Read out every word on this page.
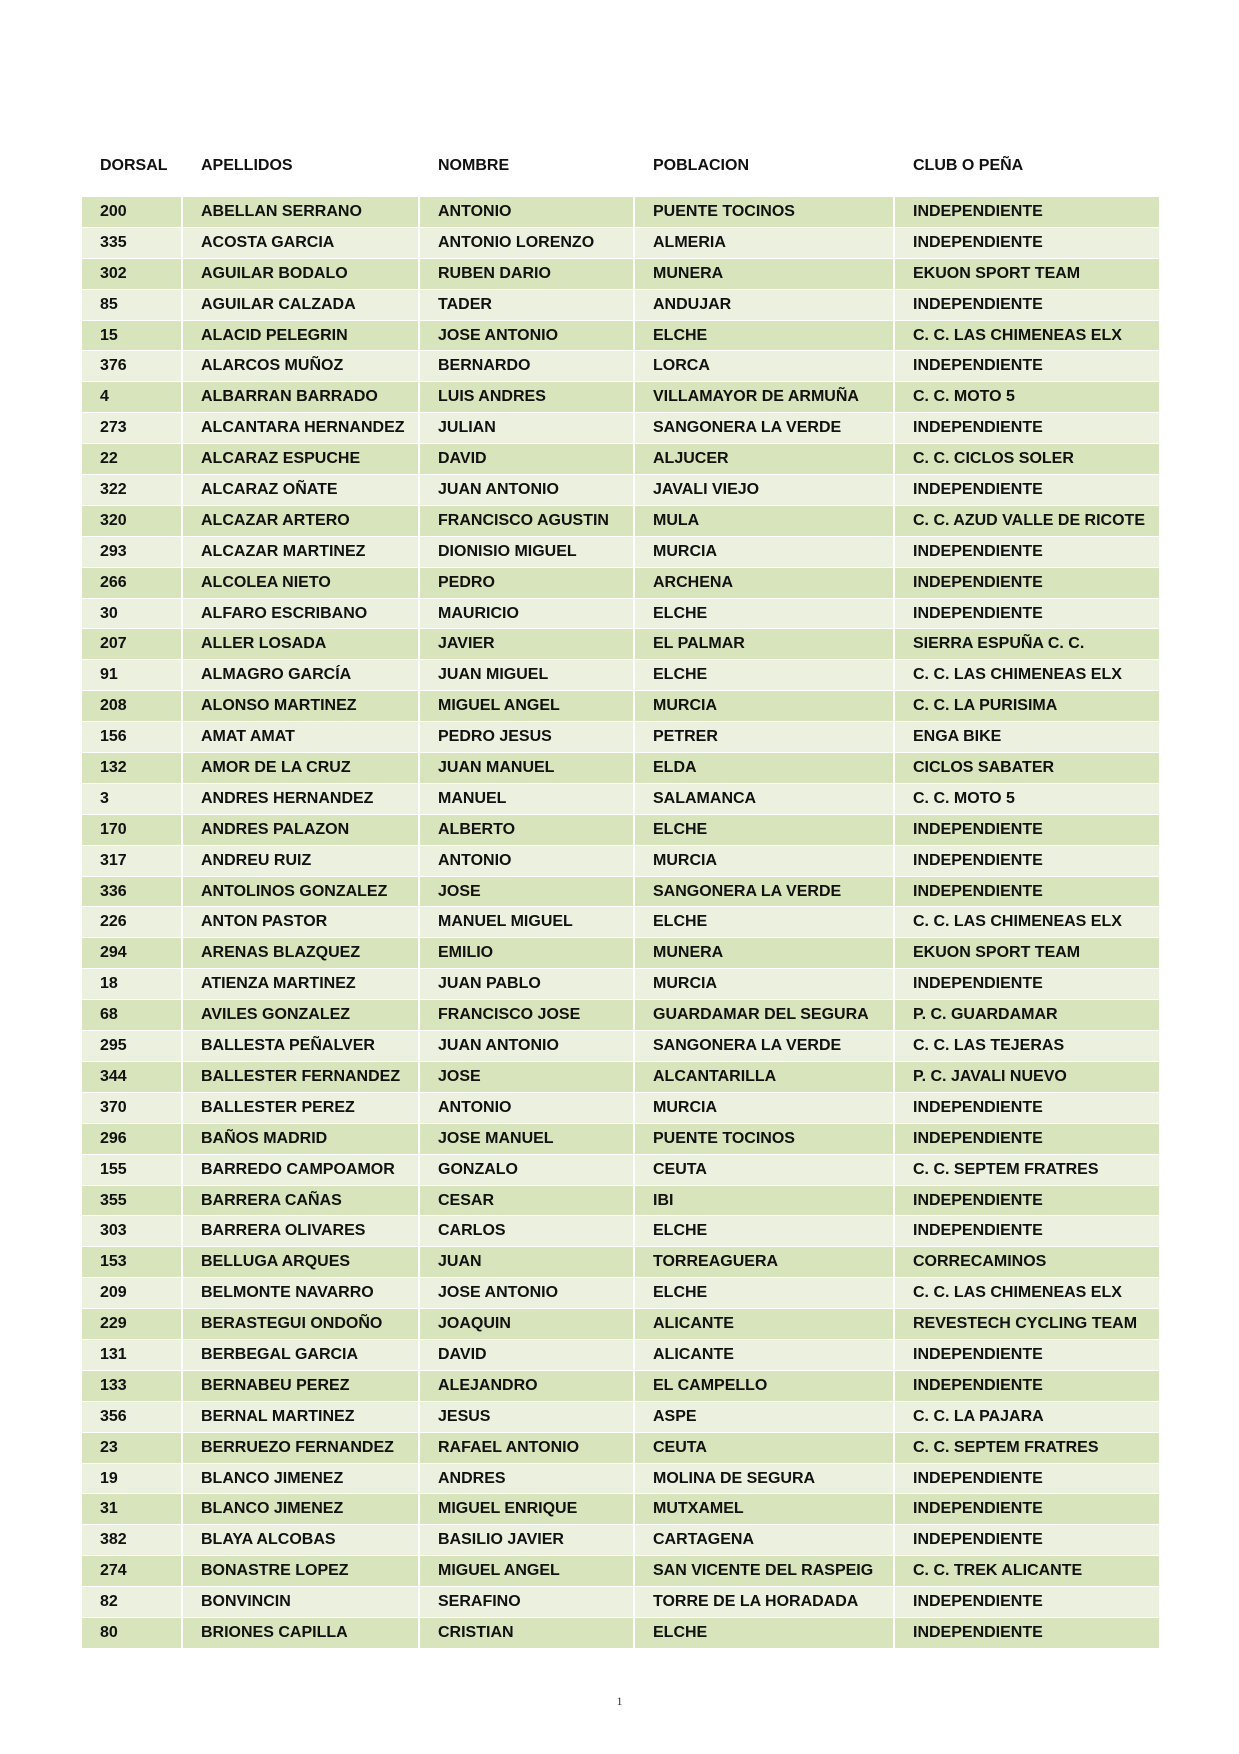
DORSAL	APELLIDOS	NOMBRE	POBLACION	CLUB O PEÑA
200	ABELLAN SERRANO	ANTONIO	PUENTE TOCINOS	INDEPENDIENTE
335	ACOSTA GARCIA	ANTONIO LORENZO	ALMERIA	INDEPENDIENTE
302	AGUILAR BODALO	RUBEN DARIO	MUNERA	EKUON SPORT TEAM
85	AGUILAR CALZADA	TADER	ANDUJAR	INDEPENDIENTE
15	ALACID PELEGRIN	JOSE ANTONIO	ELCHE	C. C. LAS CHIMENEAS ELX
376	ALARCOS MUÑOZ	BERNARDO	LORCA	INDEPENDIENTE
4	ALBARRAN BARRADO	LUIS ANDRES	VILLAMAYOR DE ARMUÑA	C. C. MOTO 5
273	ALCANTARA HERNANDEZ	JULIAN	SANGONERA LA VERDE	INDEPENDIENTE
22	ALCARAZ ESPUCHE	DAVID	ALJUCER	C. C. CICLOS SOLER
322	ALCARAZ OÑATE	JUAN ANTONIO	JAVALI VIEJO	INDEPENDIENTE
320	ALCAZAR ARTERO	FRANCISCO AGUSTIN	MULA	C. C. AZUD VALLE DE RICOTE
293	ALCAZAR MARTINEZ	DIONISIO MIGUEL	MURCIA	INDEPENDIENTE
266	ALCOLEA NIETO	PEDRO	ARCHENA	INDEPENDIENTE
30	ALFARO ESCRIBANO	MAURICIO	ELCHE	INDEPENDIENTE
207	ALLER LOSADA	JAVIER	EL PALMAR	SIERRA ESPUÑA C. C.
91	ALMAGRO GARCÍA	JUAN MIGUEL	ELCHE	C. C. LAS CHIMENEAS ELX
208	ALONSO MARTINEZ	MIGUEL ANGEL	MURCIA	C. C. LA PURISIMA
156	AMAT AMAT	PEDRO JESUS	PETRER	ENGA BIKE
132	AMOR DE LA CRUZ	JUAN MANUEL	ELDA	CICLOS SABATER
3	ANDRES HERNANDEZ	MANUEL	SALAMANCA	C. C. MOTO 5
170	ANDRES PALAZON	ALBERTO	ELCHE	INDEPENDIENTE
317	ANDREU RUIZ	ANTONIO	MURCIA	INDEPENDIENTE
336	ANTOLINOS GONZALEZ	JOSE	SANGONERA LA VERDE	INDEPENDIENTE
226	ANTON PASTOR	MANUEL MIGUEL	ELCHE	C. C. LAS CHIMENEAS ELX
294	ARENAS BLAZQUEZ	EMILIO	MUNERA	EKUON SPORT TEAM
18	ATIENZA MARTINEZ	JUAN PABLO	MURCIA	INDEPENDIENTE
68	AVILES GONZALEZ	FRANCISCO JOSE	GUARDAMAR DEL SEGURA	P. C. GUARDAMAR
295	BALLESTA PEÑALVER	JUAN ANTONIO	SANGONERA LA VERDE	C. C. LAS TEJERAS
344	BALLESTER FERNANDEZ	JOSE	ALCANTARILLA	P. C. JAVALI NUEVO
370	BALLESTER PEREZ	ANTONIO	MURCIA	INDEPENDIENTE
296	BAÑOS MADRID	JOSE MANUEL	PUENTE TOCINOS	INDEPENDIENTE
155	BARREDO CAMPOAMOR	GONZALO	CEUTA	C. C. SEPTEM FRATRES
355	BARRERA CAÑAS	CESAR	IBI	INDEPENDIENTE
303	BARRERA OLIVARES	CARLOS	ELCHE	INDEPENDIENTE
153	BELLUGA ARQUES	JUAN	TORREAGUERA	CORRECAMINOS
209	BELMONTE NAVARRO	JOSE ANTONIO	ELCHE	C. C. LAS CHIMENEAS ELX
229	BERASTEGUI ONDOÑO	JOAQUIN	ALICANTE	REVESTECH CYCLING TEAM
131	BERBEGAL GARCIA	DAVID	ALICANTE	INDEPENDIENTE
133	BERNABEU PEREZ	ALEJANDRO	EL CAMPELLO	INDEPENDIENTE
356	BERNAL MARTINEZ	JESUS	ASPE	C. C. LA PAJARA
23	BERRUEZO FERNANDEZ	RAFAEL ANTONIO	CEUTA	C. C. SEPTEM FRATRES
19	BLANCO JIMENEZ	ANDRES	MOLINA DE SEGURA	INDEPENDIENTE
31	BLANCO JIMENEZ	MIGUEL ENRIQUE	MUTXAMEL	INDEPENDIENTE
382	BLAYA ALCOBAS	BASILIO JAVIER	CARTAGENA	INDEPENDIENTE
274	BONASTRE LOPEZ	MIGUEL ANGEL	SAN VICENTE DEL RASPEIG	C. C. TREK ALICANTE
82	BONVINCIN	SERAFINO	TORRE DE LA HORADADA	INDEPENDIENTE
80	BRIONES CAPILLA	CRISTIAN	ELCHE	INDEPENDIENTE
1
